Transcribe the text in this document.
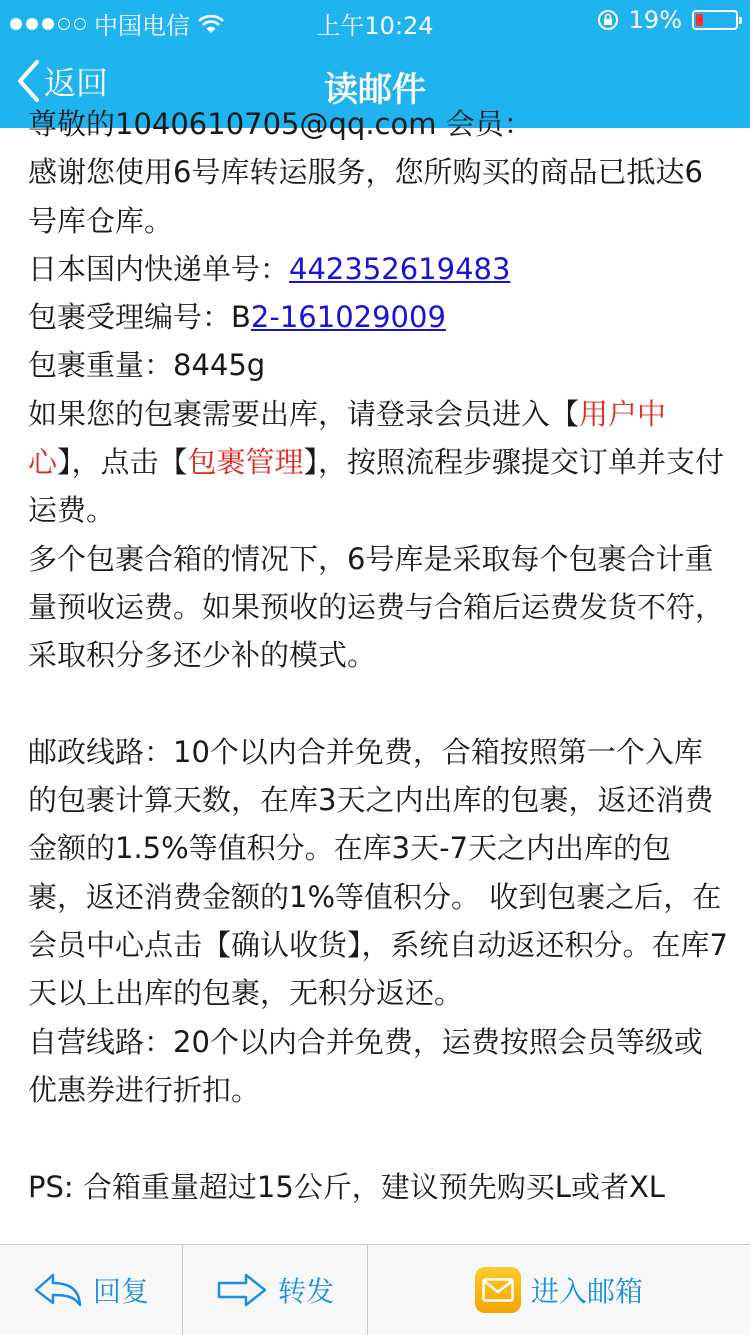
中国电信	上午10:24	19%
返回	读邮件

尊敬的1040610705@qq.com 会员：

感谢您使用6号库转运服务，您所购买的商品已抵达6号库仓库。

日本国内快递单号：442352619483

包裹受理编号：B2-161029009

包裹重量：8445g

如果您的包裹需要出库，请登录会员进入【用户中心】，点击【包裹管理】，按照流程步骤提交订单并支付运费。

多个包裹合箱的情况下，6号库是采取每个包裹合计重量预收运费。如果预收的运费与合箱后运费发货不符，采取积分多还少补的模式。

邮政线路：10个以内合并免费，合箱按照第一个入库的包裹计算天数，在库3天之内出库的包裹，返还消费金额的1.5%等值积分。在库3天-7天之内出库的包裹，返还消费金额的1%等值积分。 收到包裹之后，在会员中心点击【确认收货】，系统自动返还积分。在库7天以上出库的包裹，无积分返还。

自营线路：20个以内合并免费，运费按照会员等级或优惠券进行折扣。

PS: 合箱重量超过15公斤，建议预先购买L或者XL

回复	转发	进入邮箱
